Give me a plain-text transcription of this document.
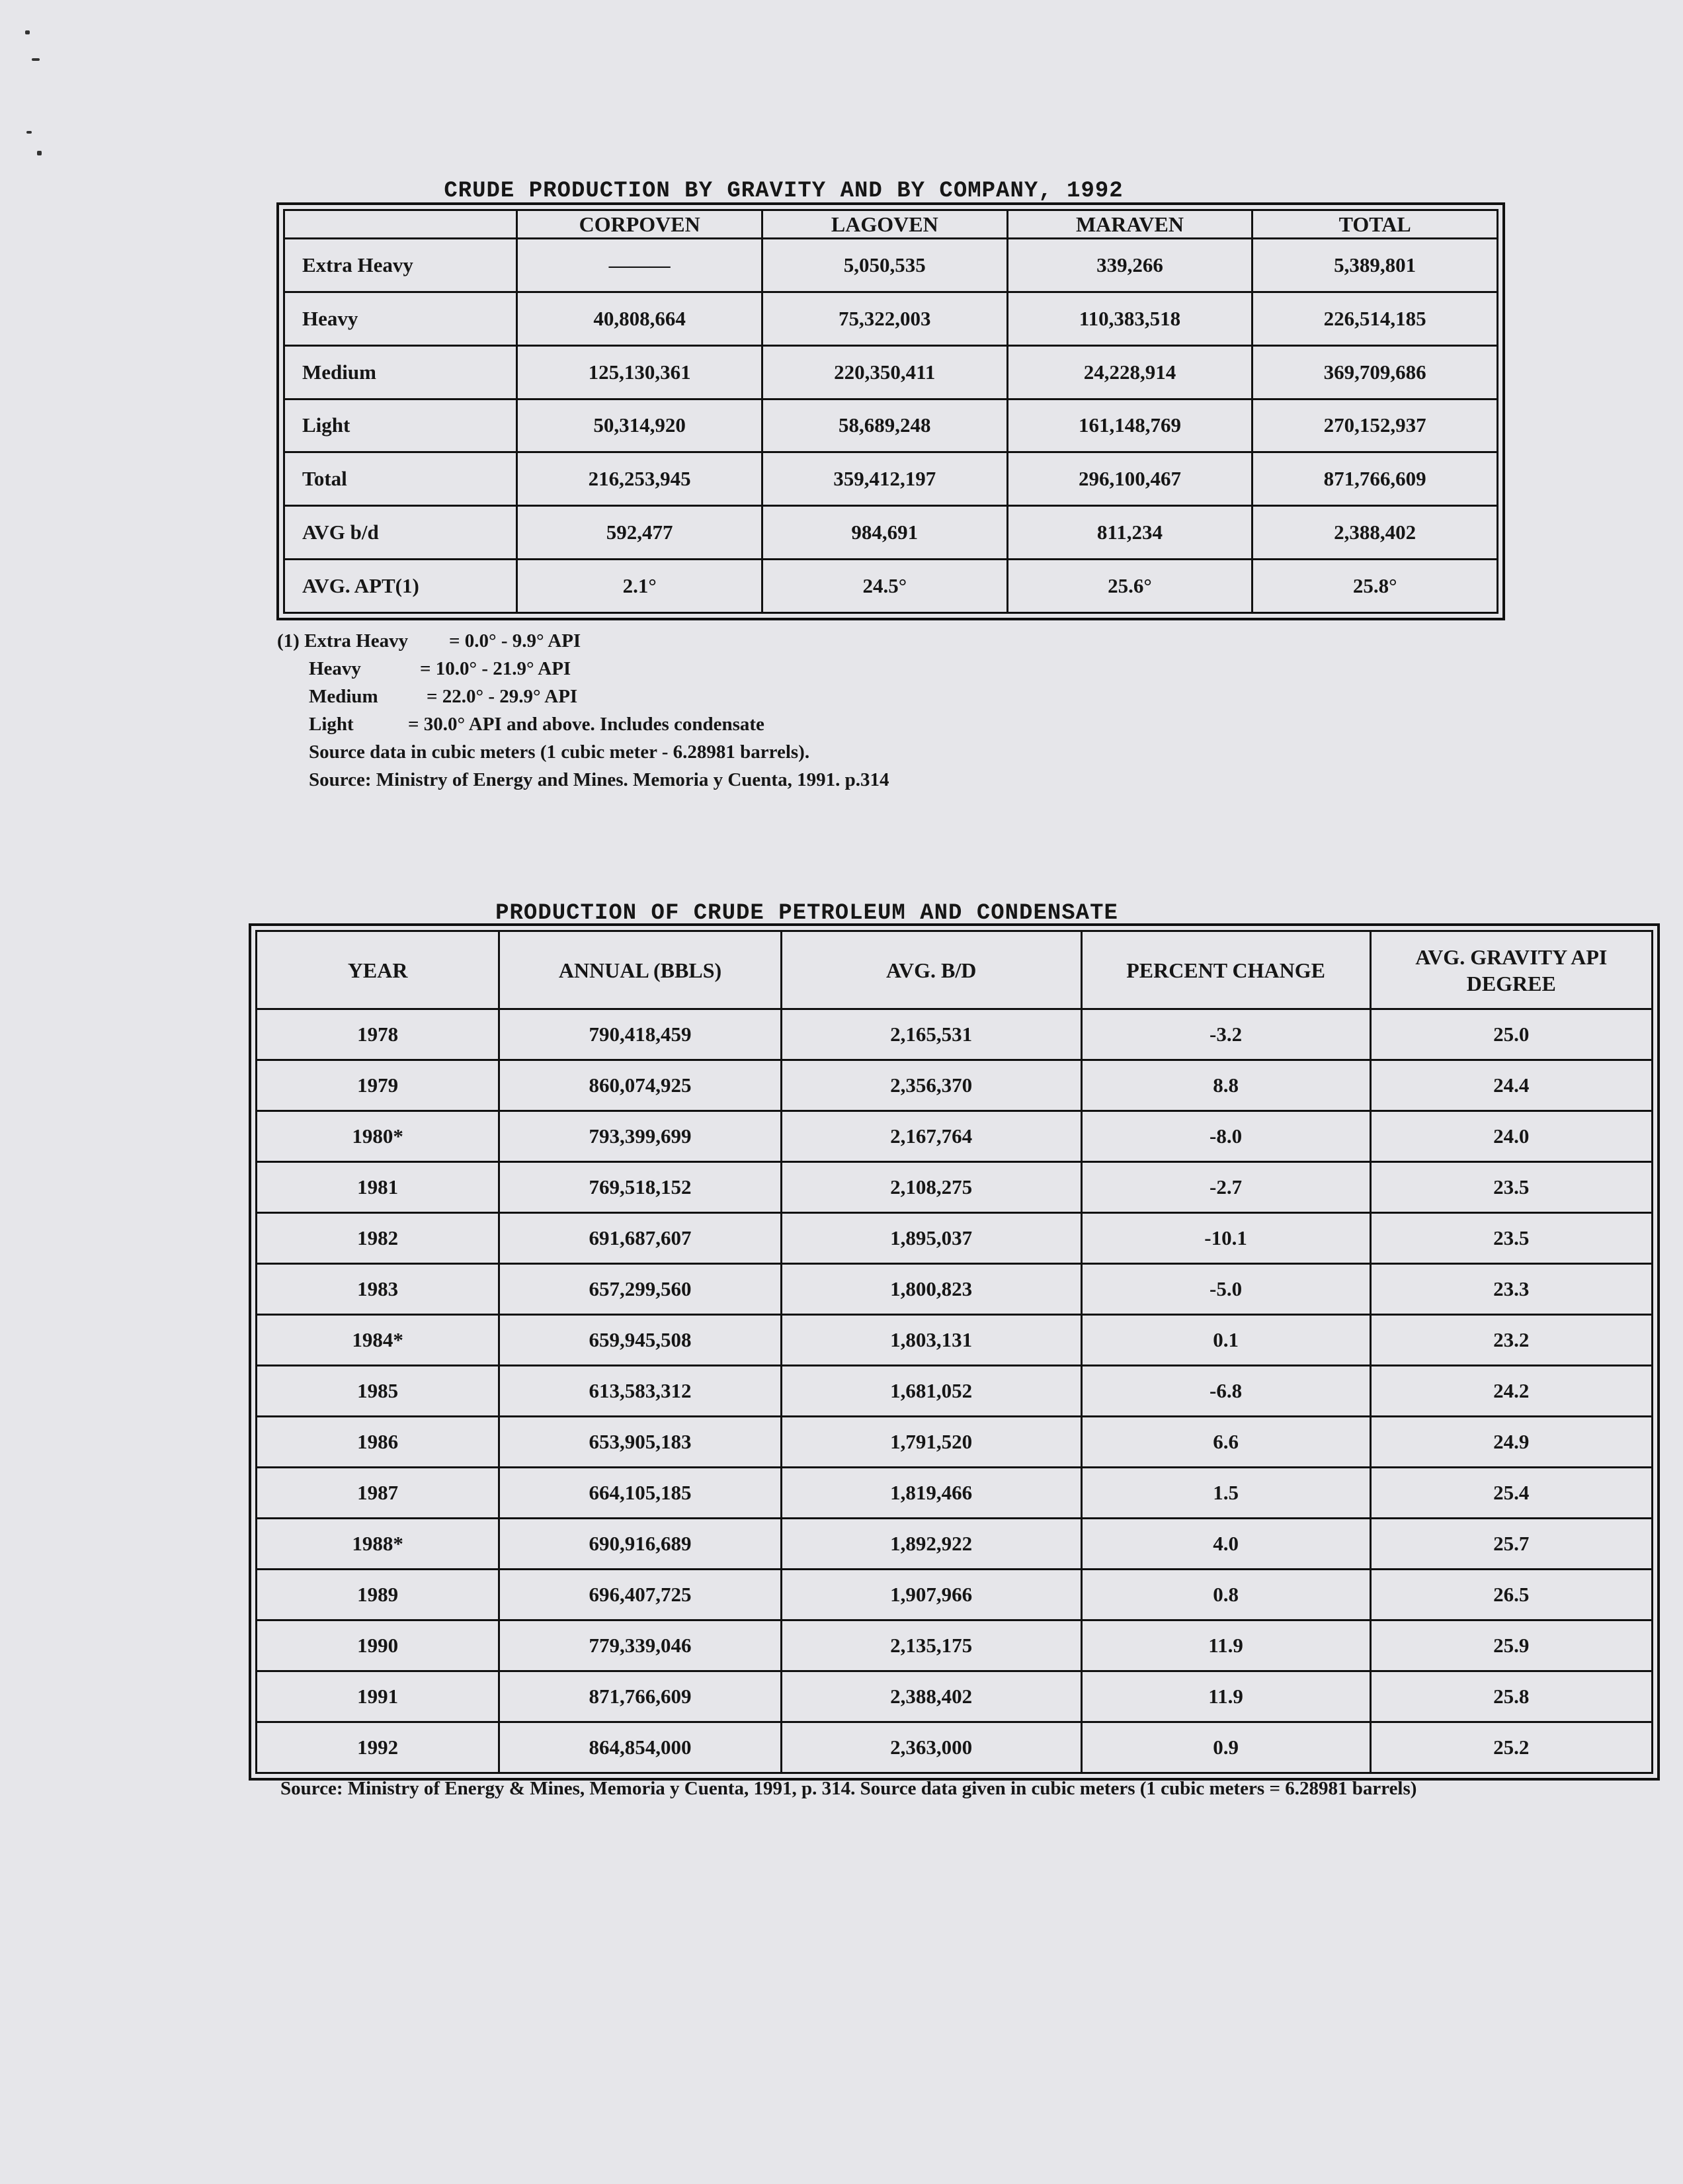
CRUDE PRODUCTION BY GRAVITY AND BY COMPANY, 1992
	CORPOVEN	LAGOVEN	MARAVEN	TOTAL
Extra Heavy	———	5,050,535	339,266	5,389,801
Heavy	40,808,664	75,322,003	110,383,518	226,514,185
Medium	125,130,361	220,350,411	24,228,914	369,709,686
Light	50,314,920	58,689,248	161,148,769	270,152,937
Total	216,253,945	359,412,197	296,100,467	871,766,609
AVG b/d	592,477	984,691	811,234	2,388,402
AVG. APT(1)	2.1°	24.5°	25.6°	25.8°
(1) Extra Heavy = 0.0° - 9.9° API
Heavy	= 10.0° - 21.9° API
Medium	= 22.0° - 29.9° API
Light	= 30.0° API and above. Includes condensate
Source data in cubic meters (1 cubic meter - 6.28981 barrels).
Source: Ministry of Energy and Mines. Memoria y Cuenta, 1991. p.314
PRODUCTION OF CRUDE PETROLEUM AND CONDENSATE
YEAR	ANNUAL (BBLS)	AVG. B/D	PERCENT CHANGE	AVG. GRAVITY API DEGREE
1978	790,418,459	2,165,531	-3.2	25.0
1979	860,074,925	2,356,370	8.8	24.4
1980*	793,399,699	2,167,764	-8.0	24.0
1981	769,518,152	2,108,275	-2.7	23.5
1982	691,687,607	1,895,037	-10.1	23.5
1983	657,299,560	1,800,823	-5.0	23.3
1984*	659,945,508	1,803,131	0.1	23.2
1985	613,583,312	1,681,052	-6.8	24.2
1986	653,905,183	1,791,520	6.6	24.9
1987	664,105,185	1,819,466	1.5	25.4
1988*	690,916,689	1,892,922	4.0	25.7
1989	696,407,725	1,907,966	0.8	26.5
1990	779,339,046	2,135,175	11.9	25.9
1991	871,766,609	2,388,402	11.9	25.8
1992	864,854,000	2,363,000	0.9	25.2
Source: Ministry of Energy & Mines, Memoria y Cuenta, 1991, p. 314. Source data given in cubic meters (1 cubic meters = 6.28981 barrels)
